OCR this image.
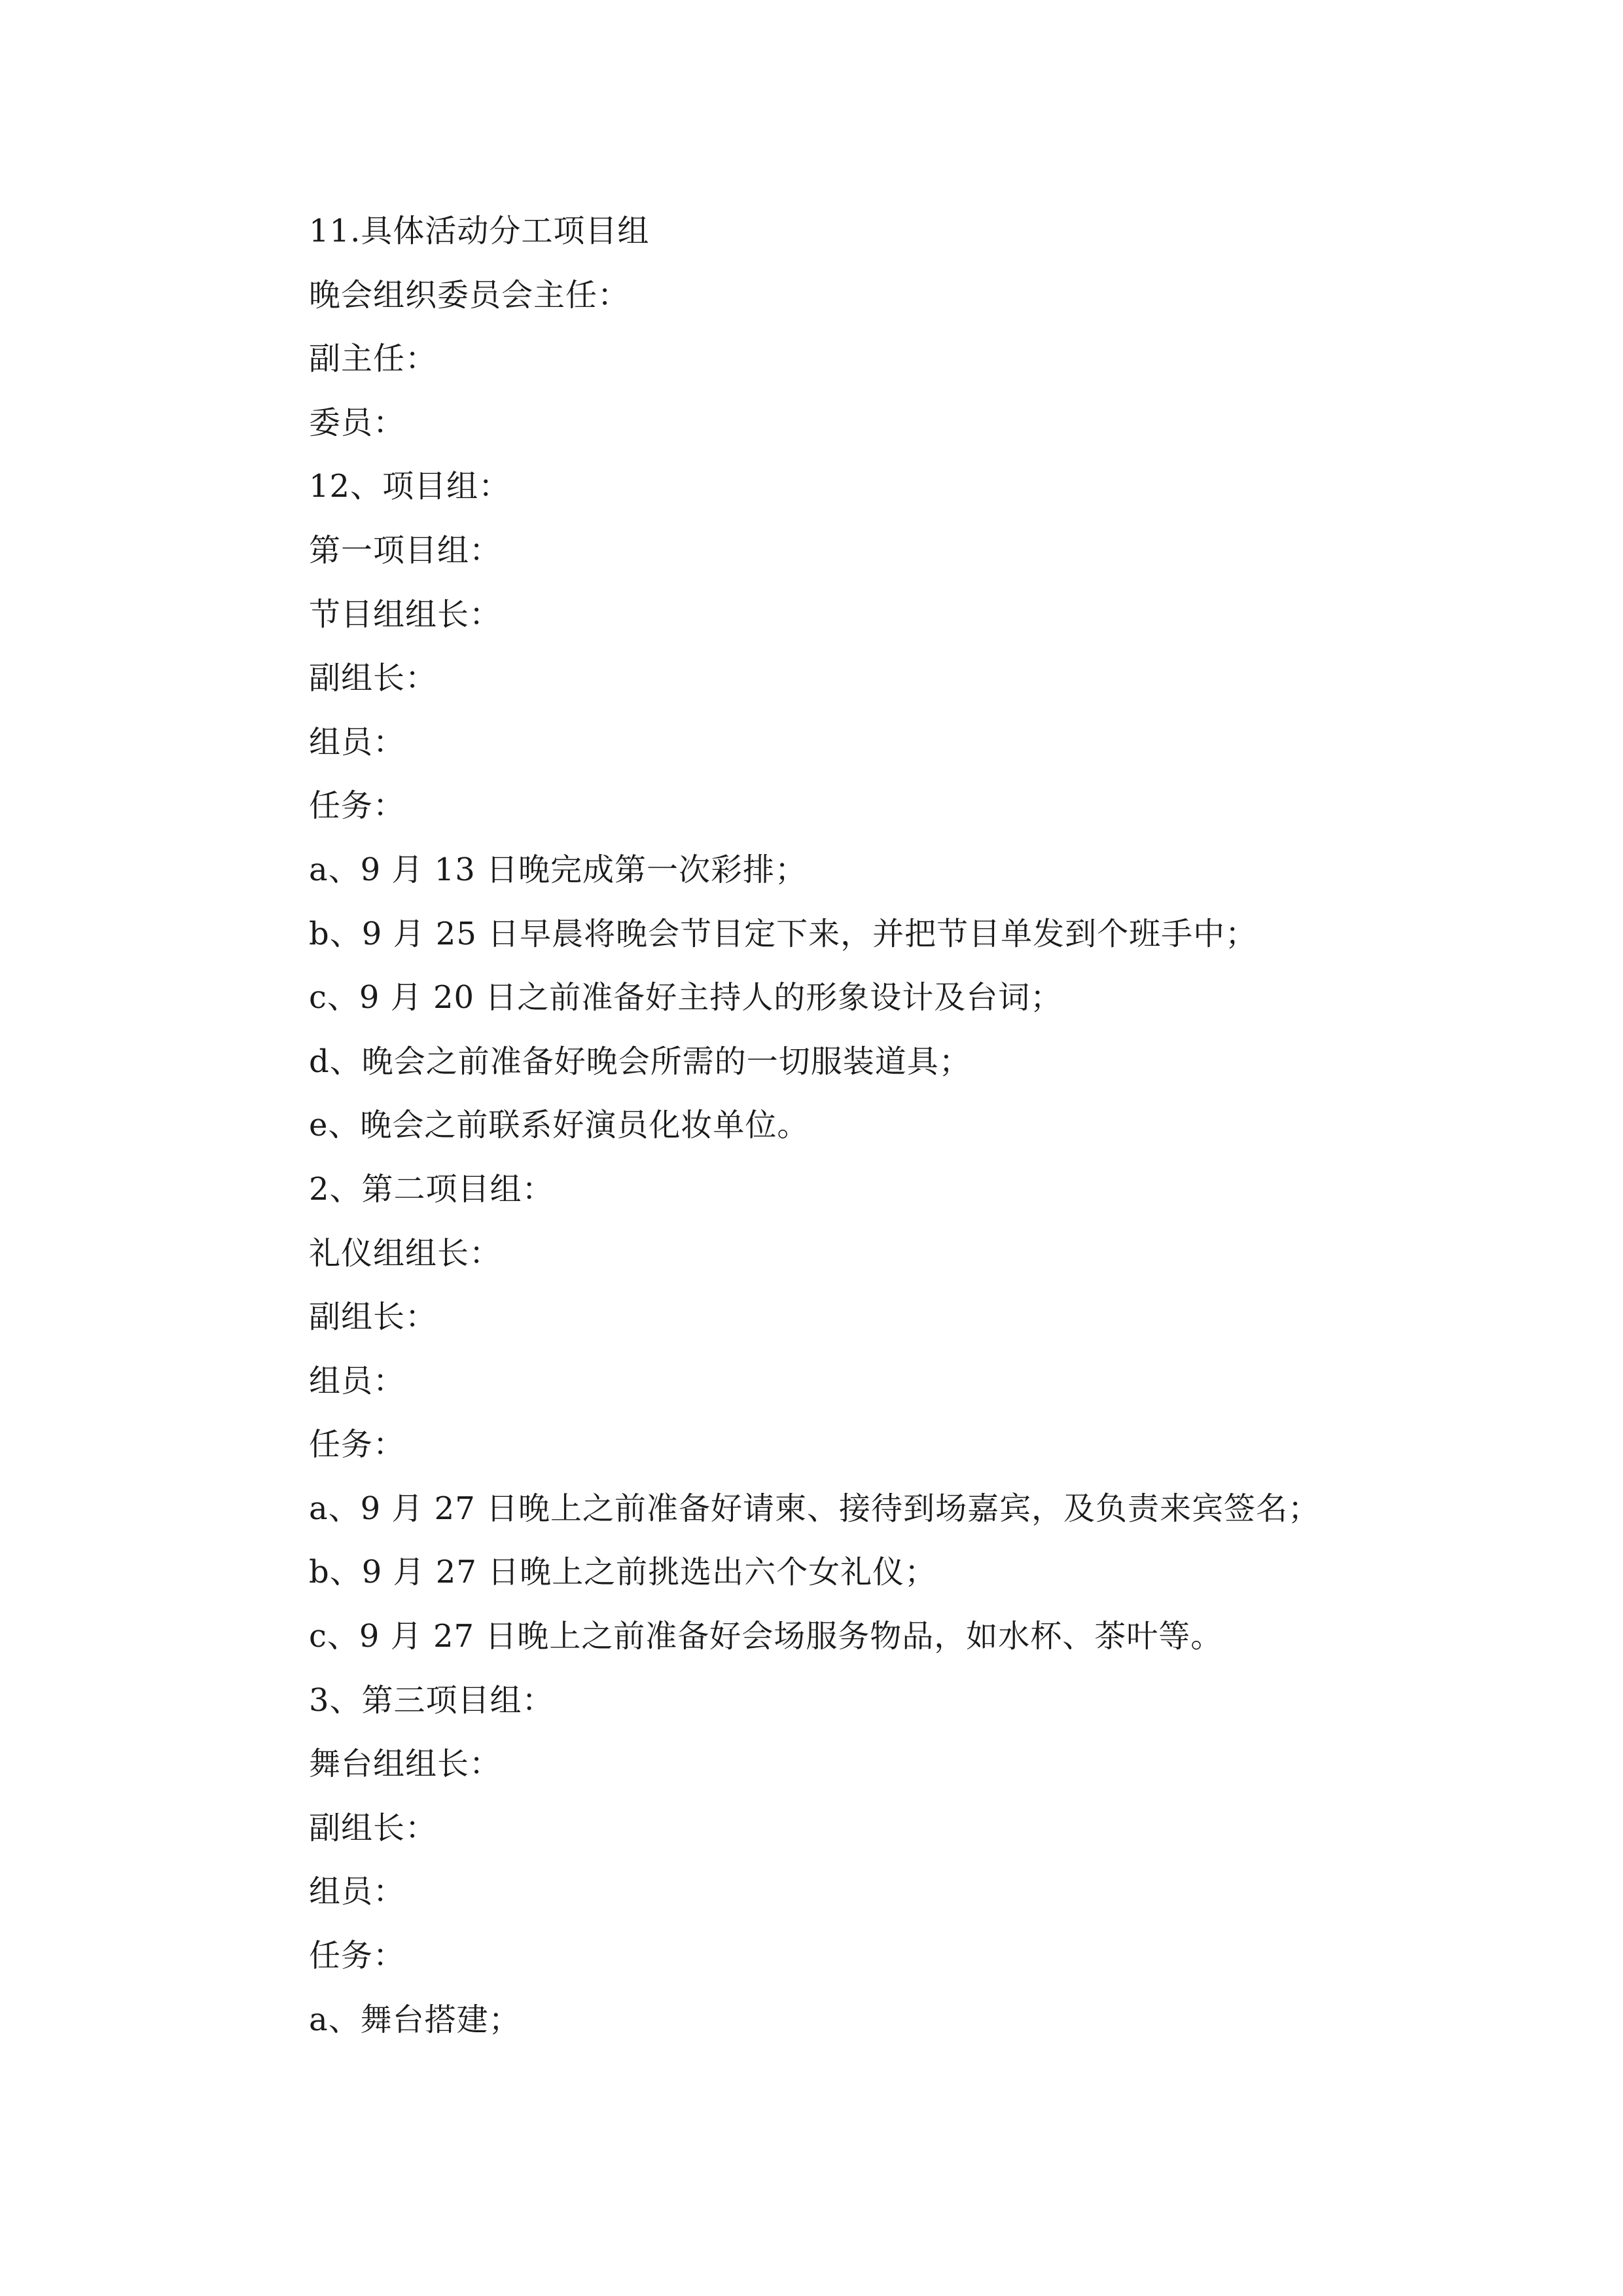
11.具体活动分工项目组
晚会组织委员会主任：
副主任：
委员：
12、项目组：
第一项目组：
节目组组长：
副组长：
组员：
任务：
a、9 月 13 日晚完成第一次彩排；
b、9 月 25 日早晨将晚会节目定下来，并把节目单发到个班手中；
c、9 月 20 日之前准备好主持人的形象设计及台词；
d、晚会之前准备好晚会所需的一切服装道具；
e、晚会之前联系好演员化妆单位。
2、第二项目组：
礼仪组组长：
副组长：
组员：
任务：
a、9 月 27 日晚上之前准备好请柬、接待到场嘉宾，及负责来宾签名；
b、9 月 27 日晚上之前挑选出六个女礼仪；
c、9 月 27 日晚上之前准备好会场服务物品，如水杯、茶叶等。
3、第三项目组：
舞台组组长：
副组长：
组员：
任务：
a、舞台搭建；
